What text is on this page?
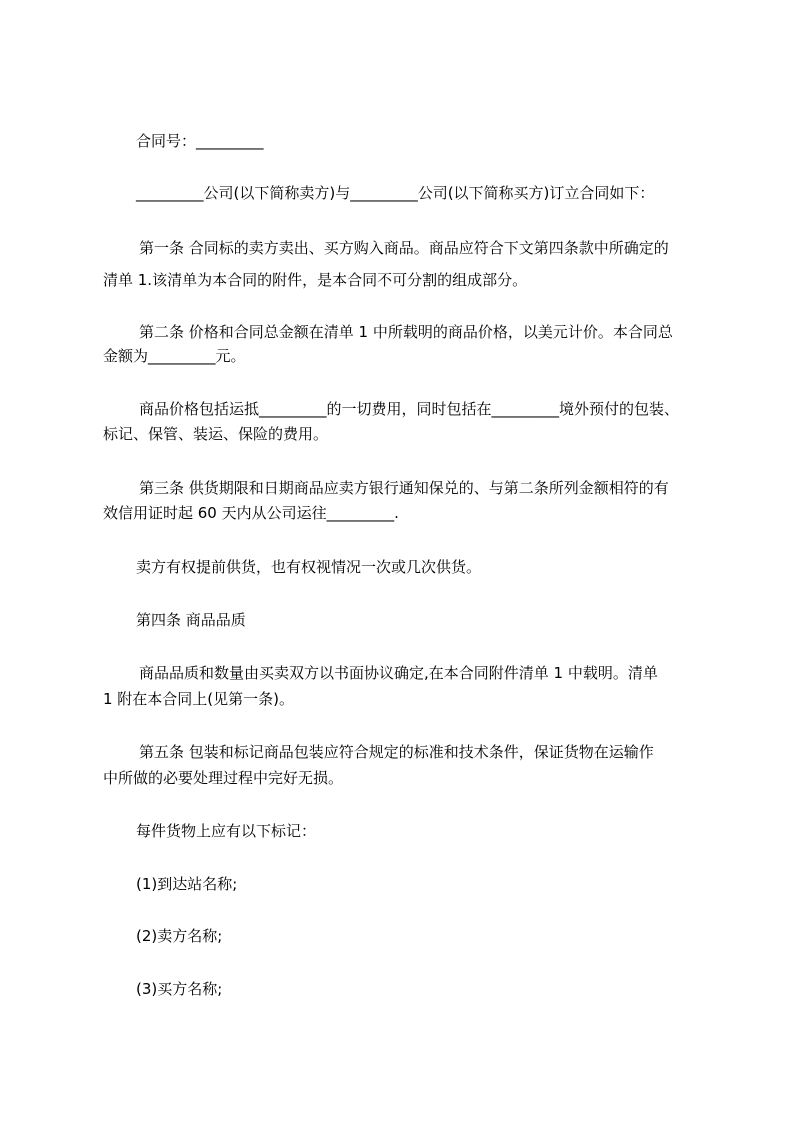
合同号：_________

_________公司(以下简称卖方)与_________公司(以下简称买方)订立合同如下：

第一条 合同标的卖方卖出、买方购入商品。商品应符合下文第四条款中所确定的

清单 1.该清单为本合同的附件，是本合同不可分割的组成部分。

第二条 价格和合同总金额在清单 1 中所载明的商品价格，以美元计价。本合同总

金额为_________元。

商品价格包括运抵_________的一切费用，同时包括在_________境外预付的包装、

标记、保管、装运、保险的费用。

第三条 供货期限和日期商品应卖方银行通知保兑的、与第二条所列金额相符的有

效信用证时起 60 天内从公司运往_________.

卖方有权提前供货，也有权视情况一次或几次供货。

第四条 商品品质

商品品质和数量由买卖双方以书面协议确定,在本合同附件清单 1 中载明。清单

1 附在本合同上(见第一条)。

第五条 包装和标记商品包装应符合规定的标准和技术条件，保证货物在运输作

中所做的必要处理过程中完好无损。

每件货物上应有以下标记：

(1)到达站名称;

(2)卖方名称;

(3)买方名称;
